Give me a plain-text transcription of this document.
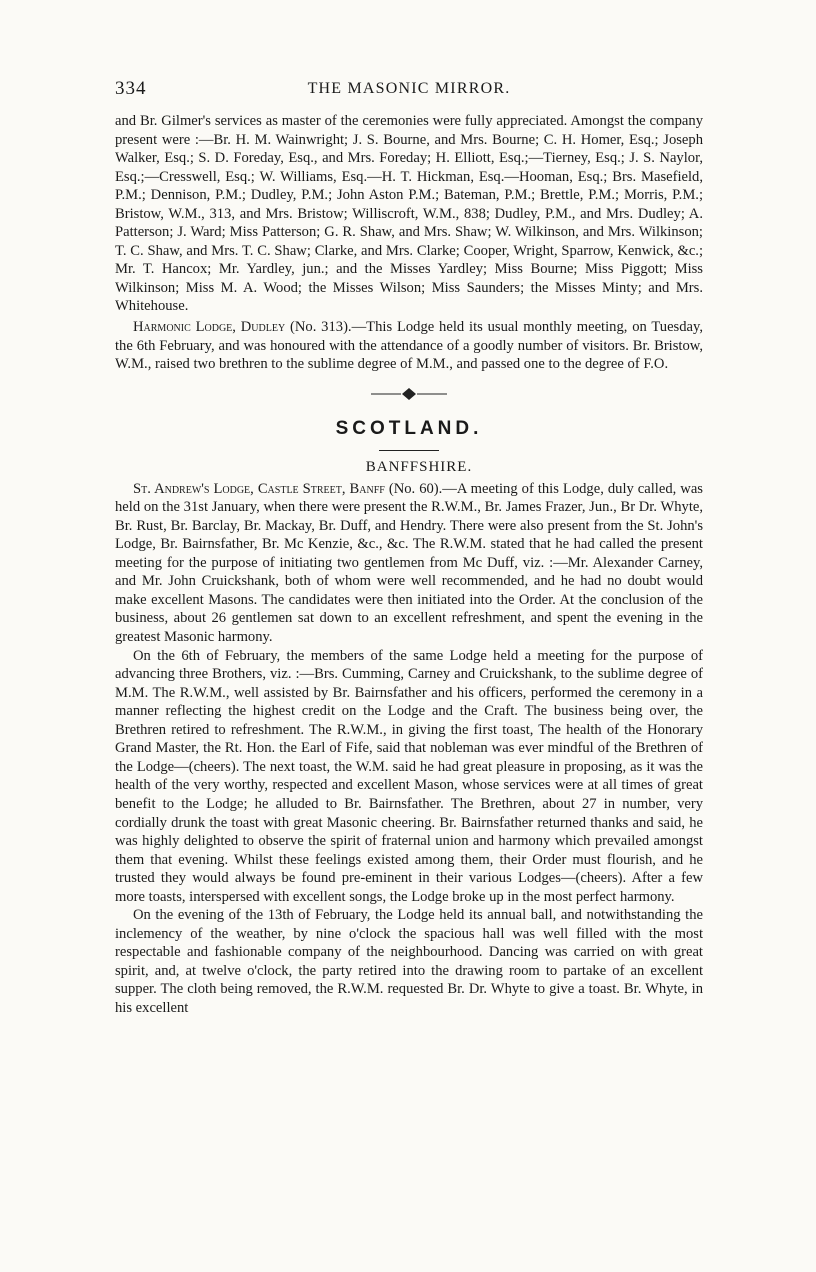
334	THE MASONIC MIRROR.

and Br. Gilmer's services as master of the ceremonies were fully appreciated. Amongst the company present were :—Br. H. M. Wainwright; J. S. Bourne, and Mrs. Bourne; C. H. Homer, Esq.; Joseph Walker, Esq.; S. D. Foreday, Esq., and Mrs. Foreday; H. Elliott, Esq.;—Tierney, Esq.; J. S. Naylor, Esq.;—Cresswell, Esq.; W. Williams, Esq.—H. T. Hickman, Esq.—Hooman, Esq.; Brs. Masefield, P.M.; Dennison, P.M.; Dudley, P.M.; John Aston P.M.; Bateman, P.M.; Brettle, P.M.; Morris, P.M.; Bristow, W.M., 313, and Mrs. Bristow; Williscroft, W.M., 838; Dudley, P.M., and Mrs. Dudley; A. Patterson; J. Ward; Miss Patterson; G. R. Shaw, and Mrs. Shaw; W. Wilkinson, and Mrs. Wilkinson; T. C. Shaw, and Mrs. T. C. Shaw; Clarke, and Mrs. Clarke; Cooper, Wright, Sparrow, Kenwick, &c.; Mr. T. Hancox; Mr. Yardley, jun.; and the Misses Yardley; Miss Bourne; Miss Piggott; Miss Wilkinson; Miss M. A. Wood; the Misses Wilson; Miss Saunders; the Misses Minty; and Mrs. Whitehouse.

Harmonic Lodge, Dudley (No. 313).—This Lodge held its usual monthly meeting, on Tuesday, the 6th February, and was honoured with the attendance of a goodly number of visitors. Br. Bristow, W.M., raised two brethren to the sublime degree of M.M., and passed one to the degree of F.O.

SCOTLAND.
BANFFSHIRE.

St. Andrew's Lodge, Castle Street, Banff (No. 60).—A meeting of this Lodge, duly called, was held on the 31st January, when there were present the R.W.M., Br. James Frazer, Jun., Br Dr. Whyte, Br. Rust, Br. Barclay, Br. Mackay, Br. Duff, and Hendry. There were also present from the St. John's Lodge, Br. Bairnsfather, Br. Mc Kenzie, &c., &c. The R.W.M. stated that he had called the present meeting for the purpose of initiating two gentlemen from Mc Duff, viz. :—Mr. Alexander Carney, and Mr. John Cruickshank, both of whom were well recommended, and he had no doubt would make excellent Masons. The candidates were then initiated into the Order. At the conclusion of the business, about 26 gentlemen sat down to an excellent refreshment, and spent the evening in the greatest Masonic harmony.

On the 6th of February, the members of the same Lodge held a meeting for the purpose of advancing three Brothers, viz. :—Brs. Cumming, Carney and Cruickshank, to the sublime degree of M.M. The R.W.M., well assisted by Br. Bairnsfather and his officers, performed the ceremony in a manner reflecting the highest credit on the Lodge and the Craft. The business being over, the Brethren retired to refreshment. The R.W.M., in giving the first toast, The health of the Honorary Grand Master, the Rt. Hon. the Earl of Fife, said that nobleman was ever mindful of the Brethren of the Lodge—(cheers). The next toast, the W.M. said he had great pleasure in proposing, as it was the health of the very worthy, respected and excellent Mason, whose services were at all times of great benefit to the Lodge; he alluded to Br. Bairnsfather. The Brethren, about 27 in number, very cordially drunk the toast with great Masonic cheering. Br. Bairnsfather returned thanks and said, he was highly delighted to observe the spirit of fraternal union and harmony which prevailed amongst them that evening. Whilst these feelings existed among them, their Order must flourish, and he trusted they would always be found pre-eminent in their various Lodges—(cheers). After a few more toasts, interspersed with excellent songs, the Lodge broke up in the most perfect harmony.

On the evening of the 13th of February, the Lodge held its annual ball, and notwithstanding the inclemency of the weather, by nine o'clock the spacious hall was well filled with the most respectable and fashionable company of the neighbourhood. Dancing was carried on with great spirit, and, at twelve o'clock, the party retired into the drawing room to partake of an excellent supper. The cloth being removed, the R.W.M. requested Br. Dr. Whyte to give a toast. Br. Whyte, in his excellent
